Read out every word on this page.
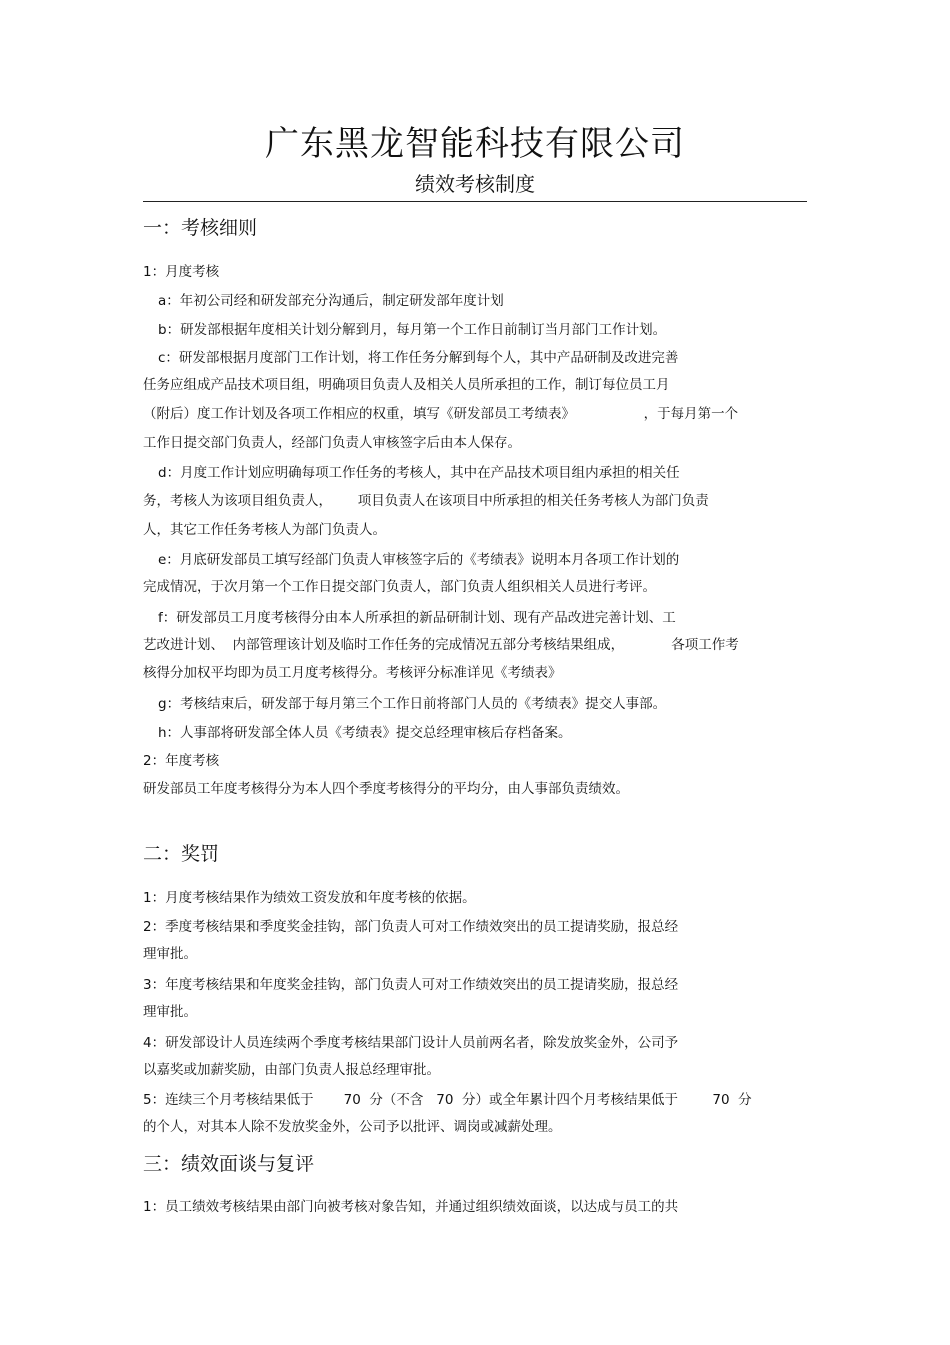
广东黑龙智能科技有限公司
绩效考核制度
一：考核细则
1：月度考核
a：年初公司经和研发部充分沟通后，制定研发部年度计划
b：研发部根据年度相关计划分解到月，每月第一个工作日前制订当月部门工作计划。
c：研发部根据月度部门工作计划，将工作任务分解到每个人，其中产品研制及改进完善
任务应组成产品技术项目组，明确项目负责人及相关人员所承担的工作，制订每位员工月
（附后）度工作计划及各项工作相应的权重，填写《研发部员工考绩表》                ，于每月第一个
工作日提交部门负责人，经部门负责人审核签字后由本人保存。
d：月度工作计划应明确每项工作任务的考核人，其中在产品技术项目组内承担的相关任
务，考核人为该项目组负责人，      项目负责人在该项目中所承担的相关任务考核人为部门负责
人，其它工作任务考核人为部门负责人。
e：月底研发部员工填写经部门负责人审核签字后的《考绩表》说明本月各项工作计划的
完成情况，于次月第一个工作日提交部门负责人，部门负责人组织相关人员进行考评。
f：研发部员工月度考核得分由本人所承担的新品研制计划、现有产品改进完善计划、工
艺改进计划、  内部管理该计划及临时工作任务的完成情况五部分考核结果组成，           各项工作考
核得分加权平均即为员工月度考核得分。考核评分标准详见《考绩表》
g：考核结束后，研发部于每月第三个工作日前将部门人员的《考绩表》提交人事部。
h：人事部将研发部全体人员《考绩表》提交总经理审核后存档备案。
2：年度考核
研发部员工年度考核得分为本人四个季度考核得分的平均分，由人事部负责绩效。
二：奖罚
1：月度考核结果作为绩效工资发放和年度考核的依据。
2：季度考核结果和季度奖金挂钩，部门负责人可对工作绩效突出的员工提请奖励，报总经
理审批。
3：年度考核结果和年度奖金挂钩，部门负责人可对工作绩效突出的员工提请奖励，报总经
理审批。
4：研发部设计人员连续两个季度考核结果部门设计人员前两名者，除发放奖金外，公司予
以嘉奖或加薪奖励，由部门负责人报总经理审批。
5：连续三个月考核结果低于       70  分（不含   70  分）或全年累计四个月考核结果低于        70  分
的个人，对其本人除不发放奖金外，公司予以批评、调岗或减薪处理。
三：绩效面谈与复评
1：员工绩效考核结果由部门向被考核对象告知，并通过组织绩效面谈，以达成与员工的共
